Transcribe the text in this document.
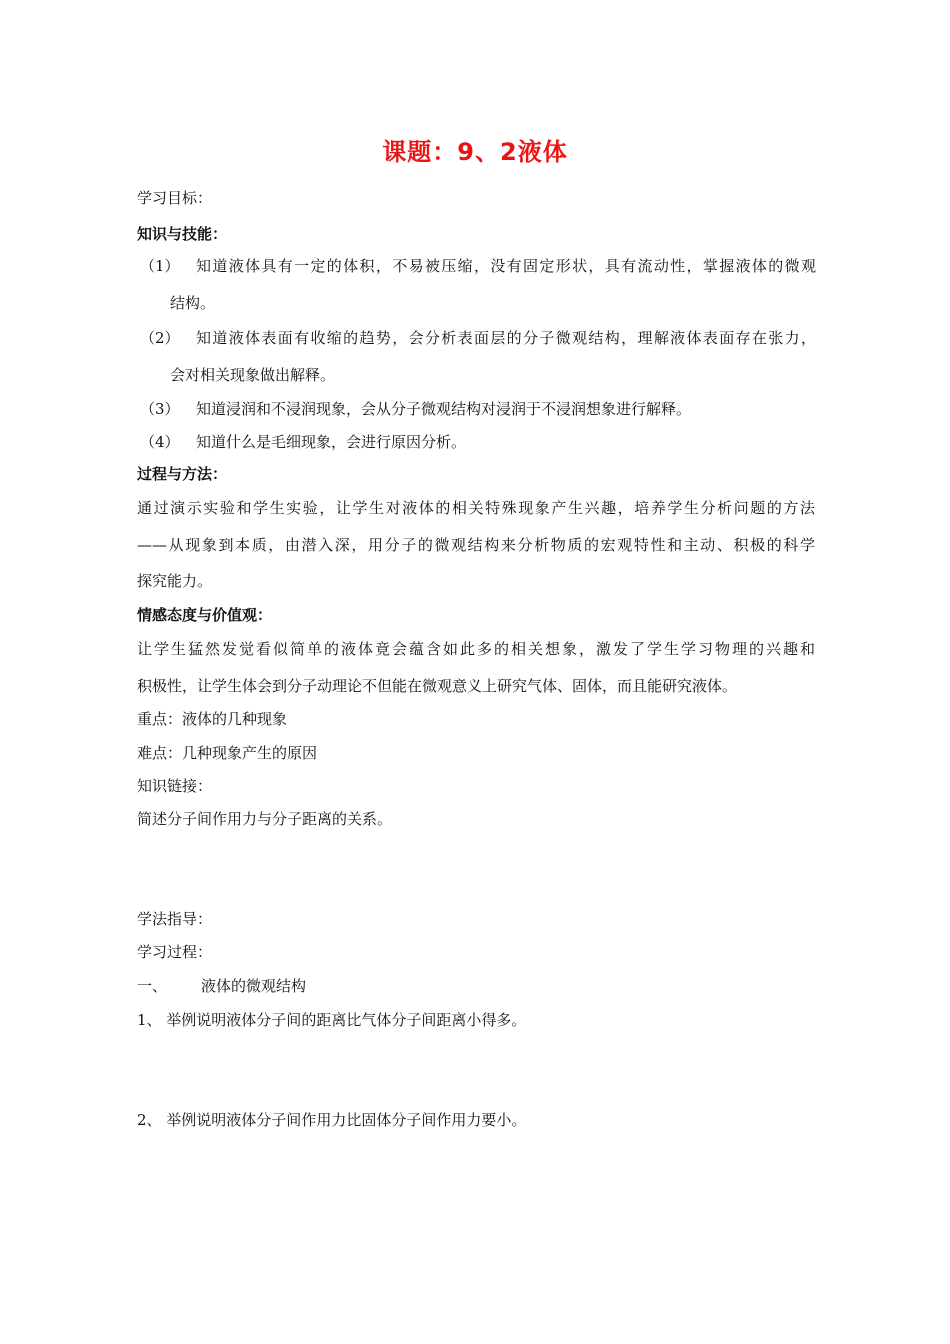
课题：9、2液体
学习目标：
知识与技能：
（1） 知道液体具有一定的体积，不易被压缩，没有固定形状，具有流动性，掌握液体的微观
结构。
（2） 知道液体表面有收缩的趋势，会分析表面层的分子微观结构，理解液体表面存在张力，
会对相关现象做出解释。
（3） 知道浸润和不浸润现象，会从分子微观结构对浸润于不浸润想象进行解释。
（4） 知道什么是毛细现象，会进行原因分析。
过程与方法：
通过演示实验和学生实验，让学生对液体的相关特殊现象产生兴趣，培养学生分析问题的方法
——从现象到本质，由潜入深，用分子的微观结构来分析物质的宏观特性和主动、积极的科学
探究能力。
情感态度与价值观：
让学生猛然发觉看似简单的液体竟会蕴含如此多的相关想象，激发了学生学习物理的兴趣和
积极性，让学生体会到分子动理论不但能在微观意义上研究气体、固体，而且能研究液体。
重点：液体的几种现象
难点：几种现象产生的原因
知识链接：
简述分子间作用力与分子距离的关系。
学法指导：
学习过程：
一、 液体的微观结构
1、 举例说明液体分子间的距离比气体分子间距离小得多。
2、 举例说明液体分子间作用力比固体分子间作用力要小。
